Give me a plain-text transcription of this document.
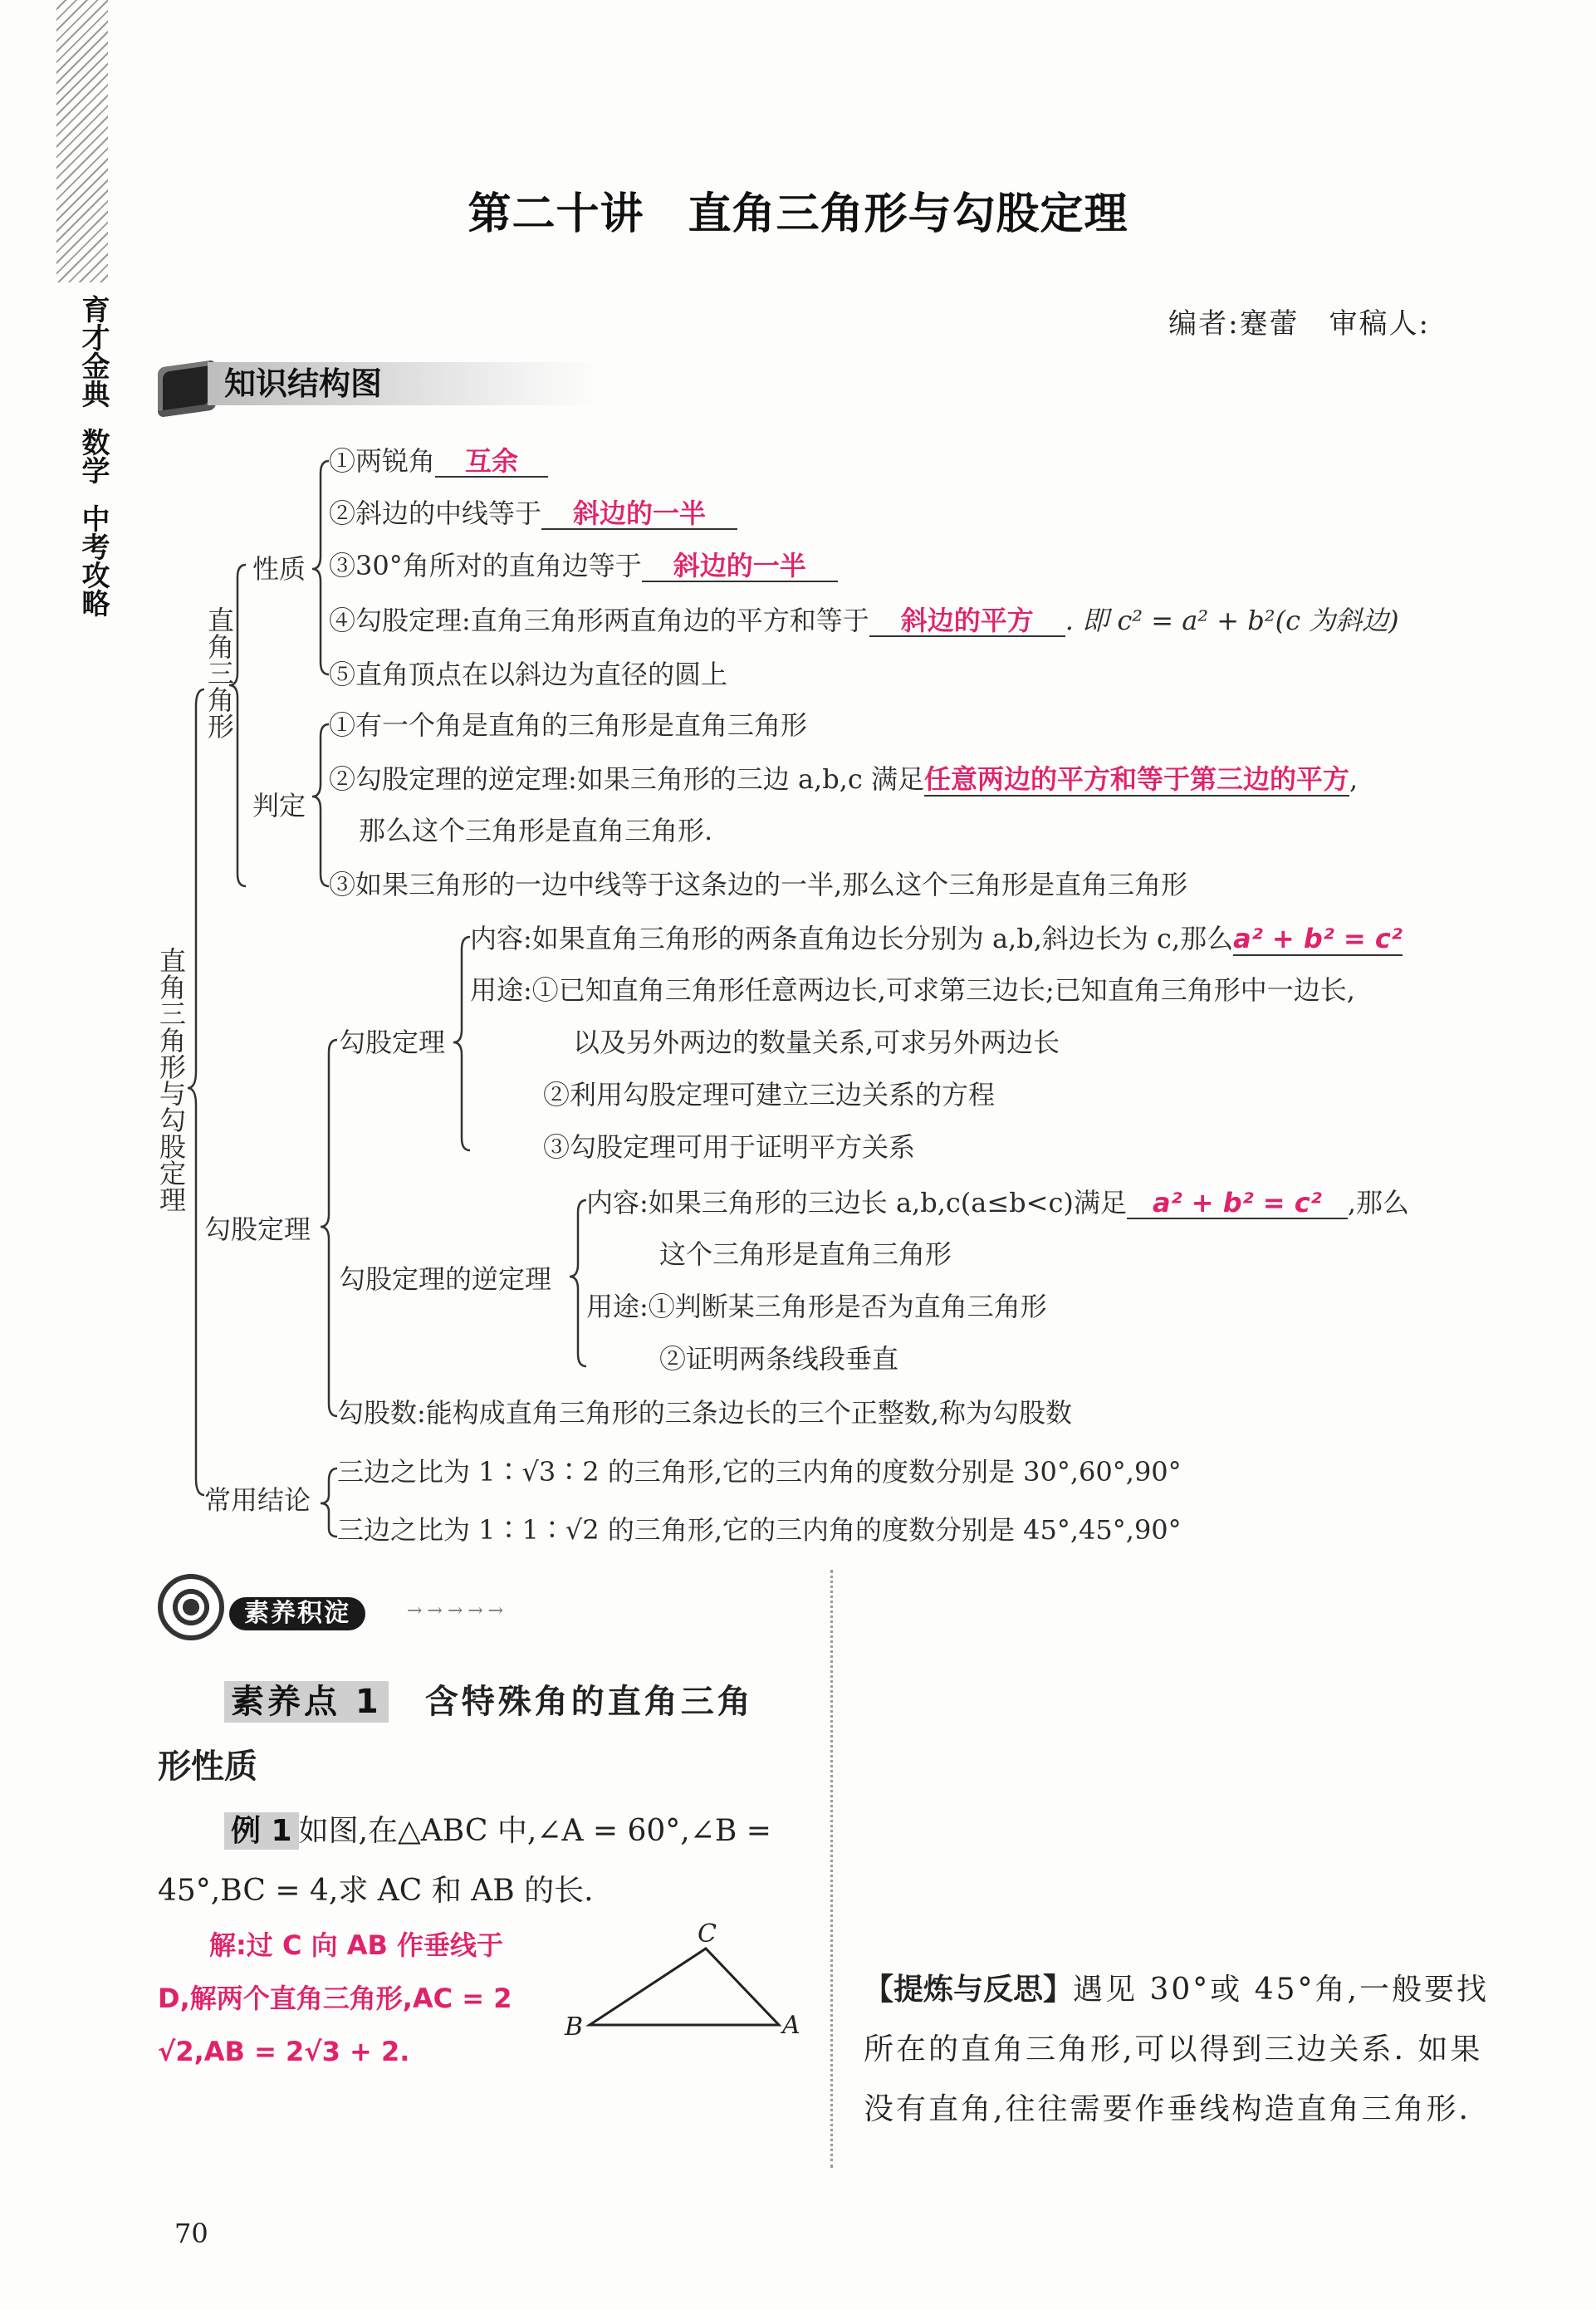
育才金典
数学
中考攻略
第二十讲　直角三角形与勾股定理
编者:蹇蕾　审稿人:
知识结构图
直角三角形与勾股定理
直角三角形
性质
①两锐角 互余
②斜边的中线等于 斜边的一半
③30°角所对的直角边等于 斜边的一半
④勾股定理:直角三角形两直角边的平方和等于 斜边的平方 . 即 c² = a² + b²(c 为斜边)
⑤直角顶点在以斜边为直径的圆上
判定
①有一个角是直角的三角形是直角三角形
②勾股定理的逆定理:如果三角形的三边 a,b,c 满足任意两边的平方和等于第三边的平方,
那么这个三角形是直角三角形.
③如果三角形的一边中线等于这条边的一半,那么这个三角形是直角三角形
勾股定理
勾股定理
内容:如果直角三角形的两条直角边长分别为 a,b,斜边长为 c,那么a² + b² = c²
用途:①已知直角三角形任意两边长,可求第三边长;已知直角三角形中一边长,
以及另外两边的数量关系,可求另外两边长
②利用勾股定理可建立三边关系的方程
③勾股定理可用于证明平方关系
勾股定理的逆定理
内容:如果三角形的三边长 a,b,c(a≤b<c)满足 a² + b² = c² ,那么
这个三角形是直角三角形
用途:①判断某三角形是否为直角三角形
②证明两条线段垂直
勾股数:能构成直角三角形的三条边长的三个正整数,称为勾股数
常用结论
三边之比为 1∶√3∶2 的三角形,它的三内角的度数分别是 30°,60°,90°
三边之比为 1∶1∶√2 的三角形,它的三内角的度数分别是 45°,45°,90°
素养积淀	→→→→→
素养点 1　 含特殊角的直角三角
形性质
例 1 如图,在△ABC 中,∠A = 60°,∠B =
45°,BC = 4,求 AC 和 AB 的长.
解:过 C 向 AB 作垂线于
D,解两个直角三角形,AC = 2
√2,AB = 2√3 + 2.
B	A
C
【提炼与反思】遇见 30°或 45°角,一般要找所在的直角三角形,可以得到三边关系. 如果没有直角,往往需要作垂线构造直角三角形.
70
